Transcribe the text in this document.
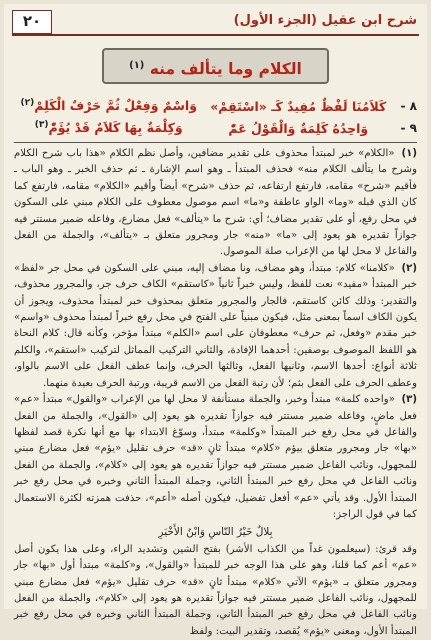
٢٠	شرح ابن عقيل (الجزء الأول)
الكلام وما يتألف منه $^{(١)}$
٨ -
كَلاَمُنَا لَفْظٌ مُفِيدٌ كَـ «اسْتَقِمْ»
وَاسْمٌ وَفِعْلٌ ثُمَّ حَرْفٌ الْكَلِمْ$^{(٢)}$
٩ -
وَاحِدُهُ كَلِمَةٌ وَالْقَوْلُ عَمّْ
وَكِلْمَةٌ بِهَا كَلاَمٌ قَدْ يُؤَمّْ$^{(٣)}$

(١) «الكلام» خبر لمبتدأ محذوف على تقدير مضافين، وأصل نظم الكلام «هذا باب شرح الكلام وشرح ما يتألف الكلام منه» فحذف المبتدأ ـ وهو اسم الإشارة ـ ثم حذف الخبر ـ وهو الباب ـ فأقيم «شرح» مقامه، فارتفع ارتفاعه، ثم حذف «شرح» أيضاً وأقيم «الكلام» مقامه، فارتفع كما كان الذي قبله «وما» الواو عاطفة و«ما» اسم موصول معطوف على الكلام مبني على السكون في محل رفع، أو على تقدير مضاف؛ أي: شرح ما «يتألف» فعل مضارع، وفاعله ضمير مستتر فيه جوازاً تقديره هو يعود إلى «ما» «منه» جار ومجرور متعلق بـ «يتألف»، والجملة من الفعل والفاعل لا محل لها من الإعراب صلة الموصول.

(٢) «كلامنا» كلام: مبتدأ، وهو مضاف، ونا مضاف إليه، مبني على السكون في محل جر «لفظ» خبر المبتدأ «مفيد» نعت للفظ، وليس خبراً ثانياً «كاستقم» الكاف حرف جر، والمجرور محذوف، والتقدير: وذلك كائن كاستقم، فالجار والمجرور متعلق بمحذوف خبر لمبتدأ محذوف، ويجوز أن يكون الكاف اسماً بمعنى مثل، فيكون مبنياً على الفتح في محل رفع خبراً لمبتدأ محذوف «واسم» خبر مقدم «وفعل، ثم حرف» معطوفان على اسم «الكلم» مبتدأ مؤخر، وكأنه قال: كلام النحاة هو اللفظ الموصوف بوصفين: أحدهما الإفادة، والثاني التركيب المماثل لتركيب «استقم»، والكلم ثلاثة أنواع: أحدها الاسم، وثانيها الفعل، وثالثها الحرف، وإنما عطف الفعل على الاسم بالواو، وعطف الحرف على الفعل بثم؛ لأن رتبة الفعل من الاسم قريبة، ورتبة الحرف بعيدة منهما.

(٣) «واحده كلمة» مبتدأ وخبر، والجملة مستأنفة لا محل لها من الإعراب «والقول» مبتدأ «عم» فعل ماضٍ، وفاعله ضمير مستتر فيه جوازاً تقديره هو يعود إلى «القول»، والجملة من الفعل والفاعل في محل رفع خبر المبتدأ «وكلمة» مبتدأ، وسوّغ الابتداء بها مع أنها نكرة قصد لفظها «بها» جار ومجرور متعلق بيؤم «كلام» مبتدأ ثانٍ «قد» حرف تقليل «يؤم» فعل مضارع مبني للمجهول، ونائب الفاعل ضمير مستتر فيه جوازاً تقديره هو يعود إلى «كلام»، والجملة من الفعل ونائب الفاعل في محل رفع خبر المبتدأ الثاني، وجملة المبتدأ الثاني وخبره في محل رفع خبر المبتدأ الأول. وقد يأتي «عم» أفعل تفضيل، فيكون أصله «أعم»، حذفت همزته لكثرة الاستعمال كما في قول الراجز:

بِلالٌ خَيْرُ النّاسِ وَابْنُ الأَخْيَرِ

وقد قرئ: (سيعلمون غداً من الكذاب الأشر) بفتح الشين وتشديد الراء، وعلى هذا يكون أصل «عم» أعم كما قلنا، وهو على هذا الوجه خبر للمبتدأ «والقول»، و«كلمة» مبتدأ أول «بها» جار ومجرور متعلق بـ «يؤم» الآتي «كلام» مبتدأ ثانٍ «قد» حرف تقليل «يؤم» فعل مضارع مبني للمجهول، ونائب الفاعل ضمير مستتر فيه جوازاً تقديره هو يعود إلى «كلام»، والجملة من الفعل ونائب الفاعل في محل رفع خبر المبتدأ الثاني، وجملة المبتدأ الثاني وخبره في محل رفع خبر المبتدأ الأول، ومعنى «يؤم» يُقصد، وتقدير البيت: ولفظ
